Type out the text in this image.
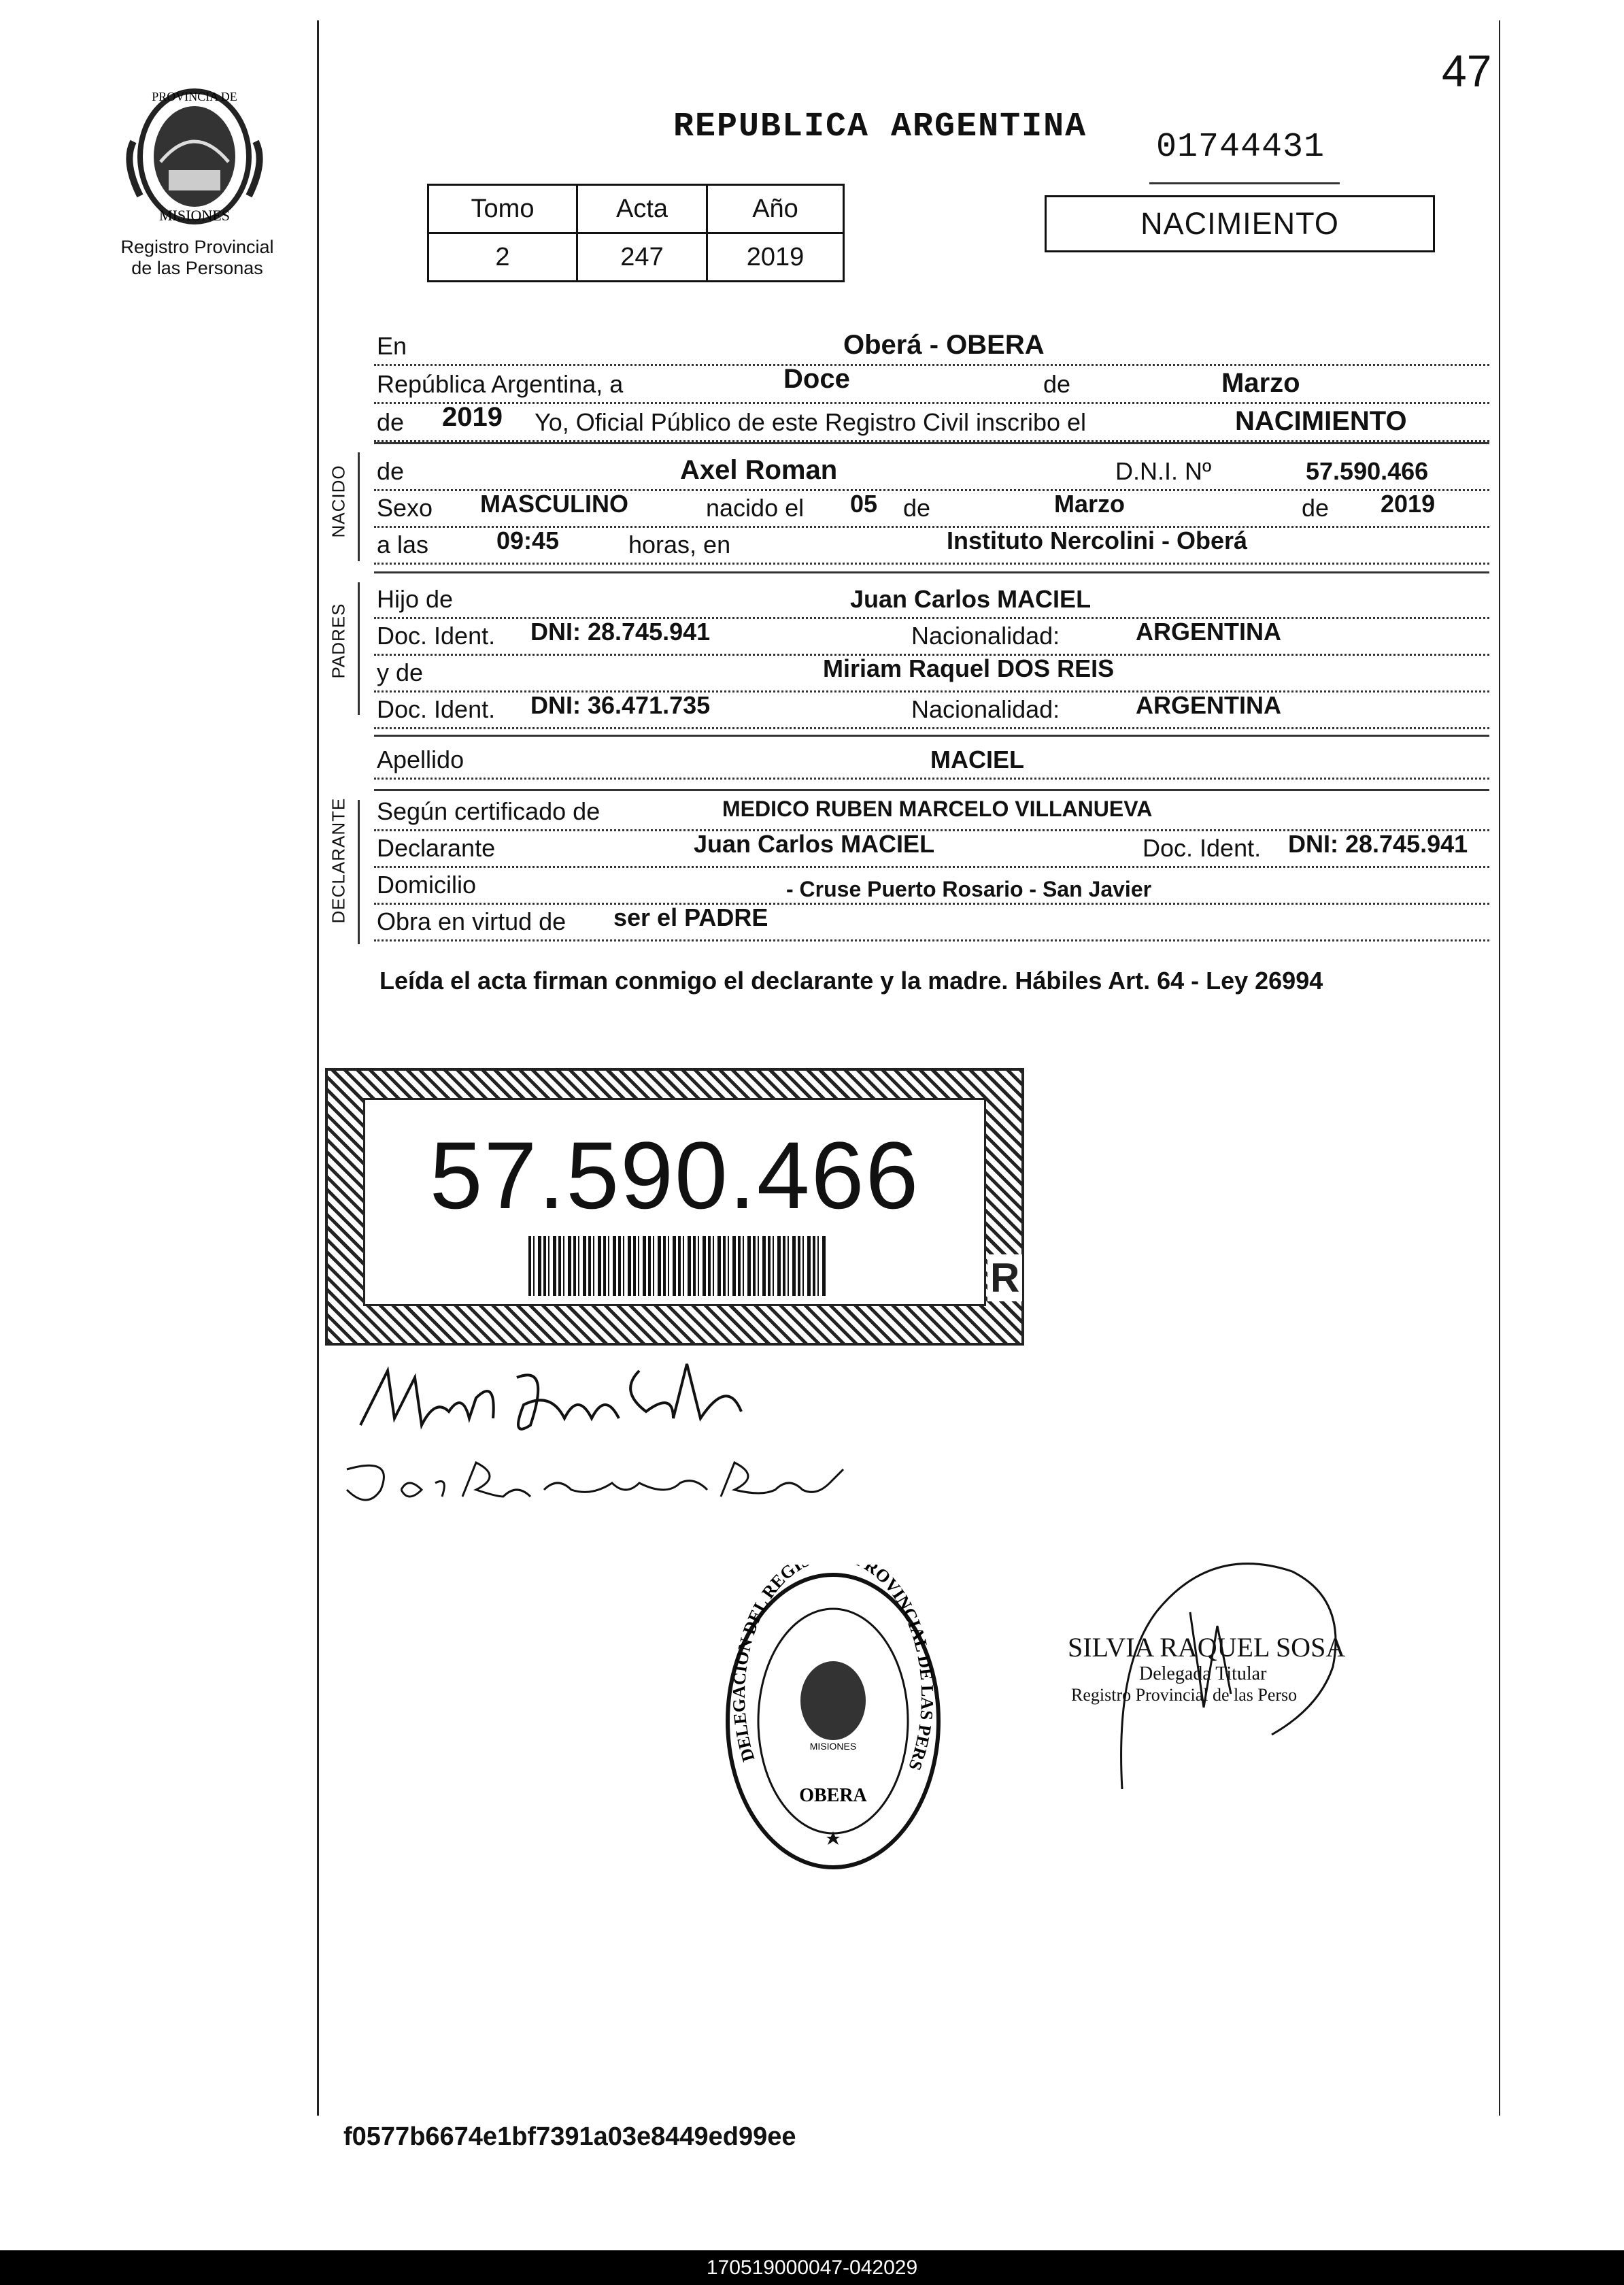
PROVINCIA DE
MISIONES
Registro Provincial
de las Personas
47
REPUBLICA ARGENTINA
01744431
Tomo	Acta	Año
2	247	2019
NACIMIENTO
En	Oberá - OBERA
República Argentina, a	Doce	de	Marzo
de 2019 Yo, Oficial Público de este Registro Civil inscribo el	NACIMIENTO
NACIDO de	Axel Roman	D.N.I. Nº	57.590.466
Sexo MASCULINO	nacido el 05 de	Marzo	de 2019
a las	09:45	horas, en	Instituto Nercolini - Oberá
PADRES
Hijo de	Juan Carlos MACIEL
Doc. Ident. DNI: 28.745.941	Nacionalidad:	ARGENTINA
y de	Miriam Raquel DOS REIS
Doc. Ident. DNI: 36.471.735	Nacionalidad:	ARGENTINA
Apellido	MACIEL
DECLARANTE Según certificado de	MEDICO RUBEN MARCELO VILLANUEVA
Declarante	Juan Carlos MACIEL	Doc. Ident. DNI: 28.745.941
Domicilio	- Cruse Puerto Rosario - San Javier
Obra en virtud de ser el PADRE
Leída el acta firman conmigo el declarante y la madre. Hábiles Art. 64 - Ley 26994
57.590.466
R
DELEGACION DEL REGI ROVINCIAL DE LAS PERS
MISIONES
OBERA
SILVIA RAQUEL SOSA
Delegada Titular
Registro Provincial de las Perso
f0577b6674e1bf7391a03e8449ed99ee
170519000047-042029
